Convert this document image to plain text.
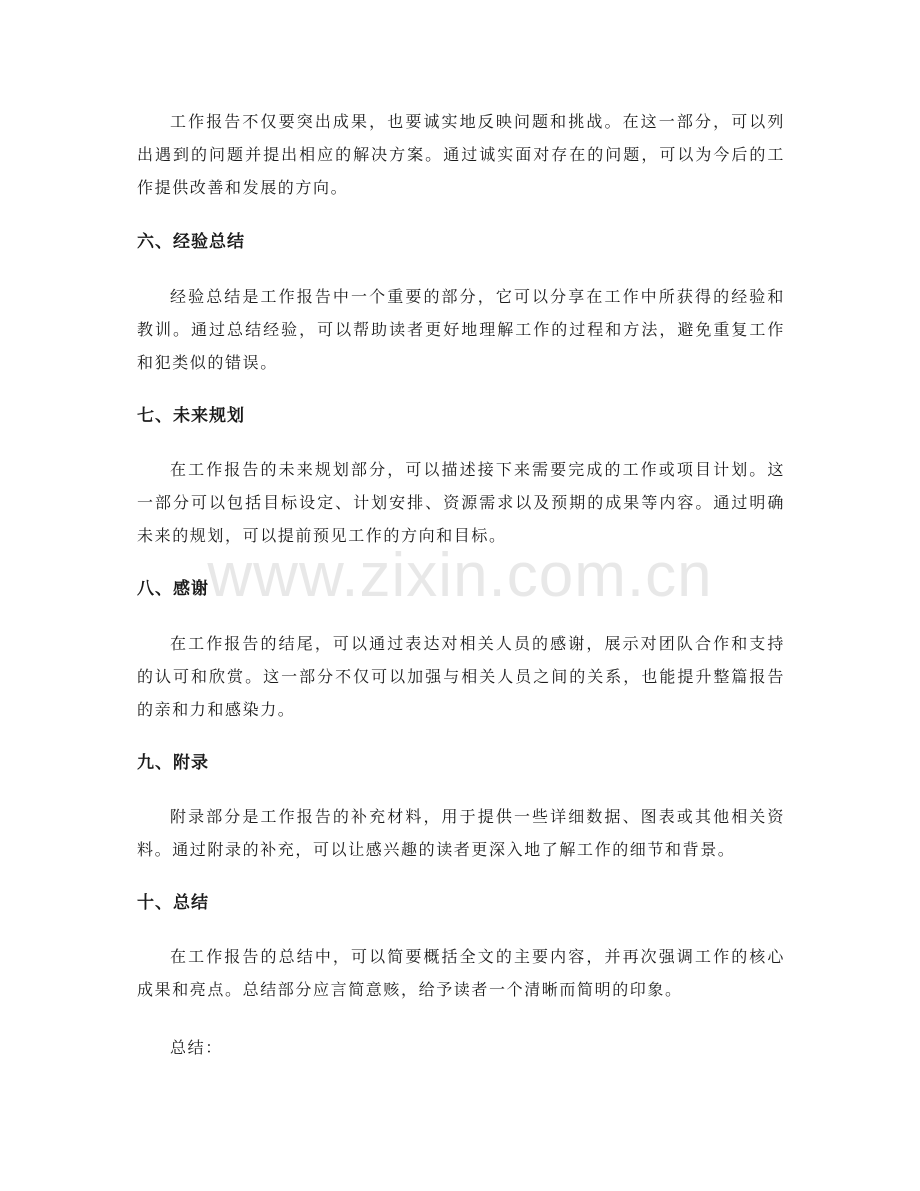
www.zixin.com.cn

工作报告不仅要突出成果，也要诚实地反映问题和挑战。在这一部分，可以列出遇到的问题并提出相应的解决方案。通过诚实面对存在的问题，可以为今后的工作提供改善和发展的方向。

六、经验总结

经验总结是工作报告中一个重要的部分，它可以分享在工作中所获得的经验和教训。通过总结经验，可以帮助读者更好地理解工作的过程和方法，避免重复工作和犯类似的错误。

七、未来规划

在工作报告的未来规划部分，可以描述接下来需要完成的工作或项目计划。这一部分可以包括目标设定、计划安排、资源需求以及预期的成果等内容。通过明确未来的规划，可以提前预见工作的方向和目标。

八、感谢

在工作报告的结尾，可以通过表达对相关人员的感谢，展示对团队合作和支持的认可和欣赏。这一部分不仅可以加强与相关人员之间的关系，也能提升整篇报告的亲和力和感染力。

九、附录

附录部分是工作报告的补充材料，用于提供一些详细数据、图表或其他相关资料。通过附录的补充，可以让感兴趣的读者更深入地了解工作的细节和背景。

十、总结

在工作报告的总结中，可以简要概括全文的主要内容，并再次强调工作的核心成果和亮点。总结部分应言简意赅，给予读者一个清晰而简明的印象。

总结：
